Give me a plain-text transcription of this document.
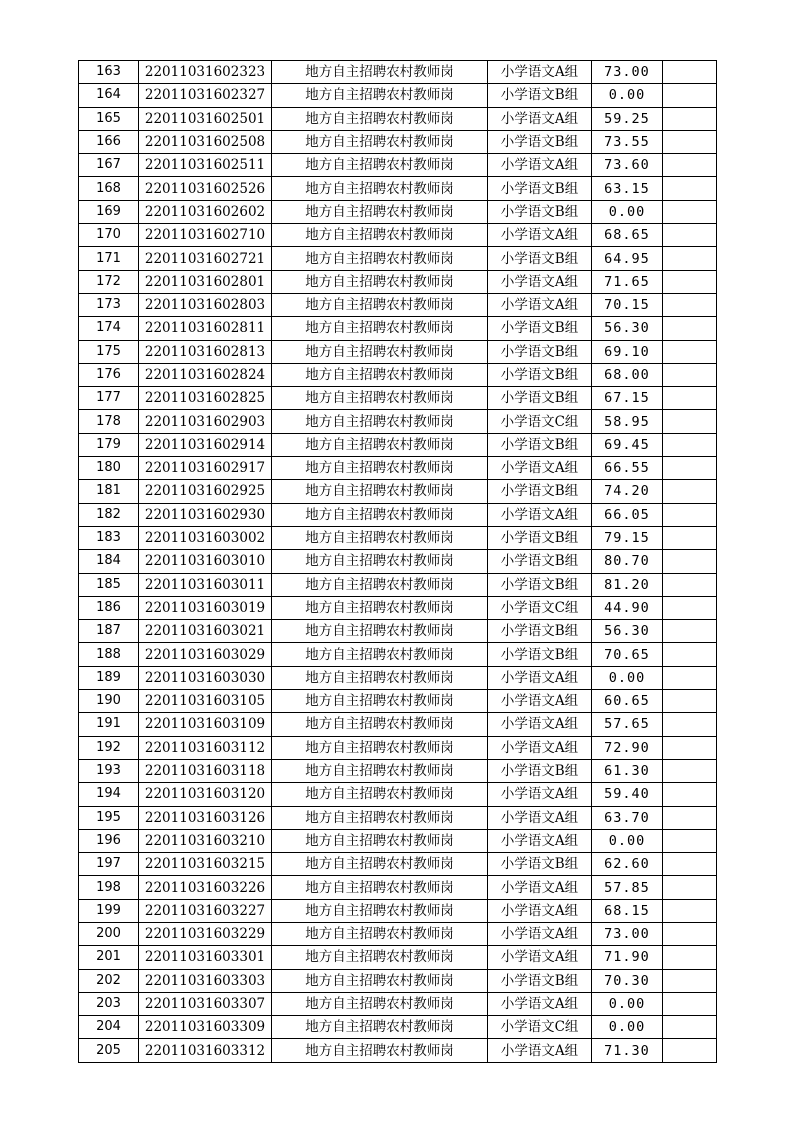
163	22011031602323	地方自主招聘农村教师岗	小学语文A组	73.00	
164	22011031602327	地方自主招聘农村教师岗	小学语文B组	0.00	
165	22011031602501	地方自主招聘农村教师岗	小学语文A组	59.25	
166	22011031602508	地方自主招聘农村教师岗	小学语文B组	73.55	
167	22011031602511	地方自主招聘农村教师岗	小学语文A组	73.60	
168	22011031602526	地方自主招聘农村教师岗	小学语文B组	63.15	
169	22011031602602	地方自主招聘农村教师岗	小学语文B组	0.00	
170	22011031602710	地方自主招聘农村教师岗	小学语文A组	68.65	
171	22011031602721	地方自主招聘农村教师岗	小学语文B组	64.95	
172	22011031602801	地方自主招聘农村教师岗	小学语文A组	71.65	
173	22011031602803	地方自主招聘农村教师岗	小学语文A组	70.15	
174	22011031602811	地方自主招聘农村教师岗	小学语文B组	56.30	
175	22011031602813	地方自主招聘农村教师岗	小学语文B组	69.10	
176	22011031602824	地方自主招聘农村教师岗	小学语文B组	68.00	
177	22011031602825	地方自主招聘农村教师岗	小学语文B组	67.15	
178	22011031602903	地方自主招聘农村教师岗	小学语文C组	58.95	
179	22011031602914	地方自主招聘农村教师岗	小学语文B组	69.45	
180	22011031602917	地方自主招聘农村教师岗	小学语文A组	66.55	
181	22011031602925	地方自主招聘农村教师岗	小学语文B组	74.20	
182	22011031602930	地方自主招聘农村教师岗	小学语文A组	66.05	
183	22011031603002	地方自主招聘农村教师岗	小学语文B组	79.15	
184	22011031603010	地方自主招聘农村教师岗	小学语文B组	80.70	
185	22011031603011	地方自主招聘农村教师岗	小学语文B组	81.20	
186	22011031603019	地方自主招聘农村教师岗	小学语文C组	44.90	
187	22011031603021	地方自主招聘农村教师岗	小学语文B组	56.30	
188	22011031603029	地方自主招聘农村教师岗	小学语文B组	70.65	
189	22011031603030	地方自主招聘农村教师岗	小学语文A组	0.00	
190	22011031603105	地方自主招聘农村教师岗	小学语文A组	60.65	
191	22011031603109	地方自主招聘农村教师岗	小学语文A组	57.65	
192	22011031603112	地方自主招聘农村教师岗	小学语文A组	72.90	
193	22011031603118	地方自主招聘农村教师岗	小学语文B组	61.30	
194	22011031603120	地方自主招聘农村教师岗	小学语文A组	59.40	
195	22011031603126	地方自主招聘农村教师岗	小学语文A组	63.70	
196	22011031603210	地方自主招聘农村教师岗	小学语文A组	0.00	
197	22011031603215	地方自主招聘农村教师岗	小学语文B组	62.60	
198	22011031603226	地方自主招聘农村教师岗	小学语文A组	57.85	
199	22011031603227	地方自主招聘农村教师岗	小学语文A组	68.15	
200	22011031603229	地方自主招聘农村教师岗	小学语文A组	73.00	
201	22011031603301	地方自主招聘农村教师岗	小学语文A组	71.90	
202	22011031603303	地方自主招聘农村教师岗	小学语文B组	70.30	
203	22011031603307	地方自主招聘农村教师岗	小学语文A组	0.00	
204	22011031603309	地方自主招聘农村教师岗	小学语文C组	0.00	
205	22011031603312	地方自主招聘农村教师岗	小学语文A组	71.30	
